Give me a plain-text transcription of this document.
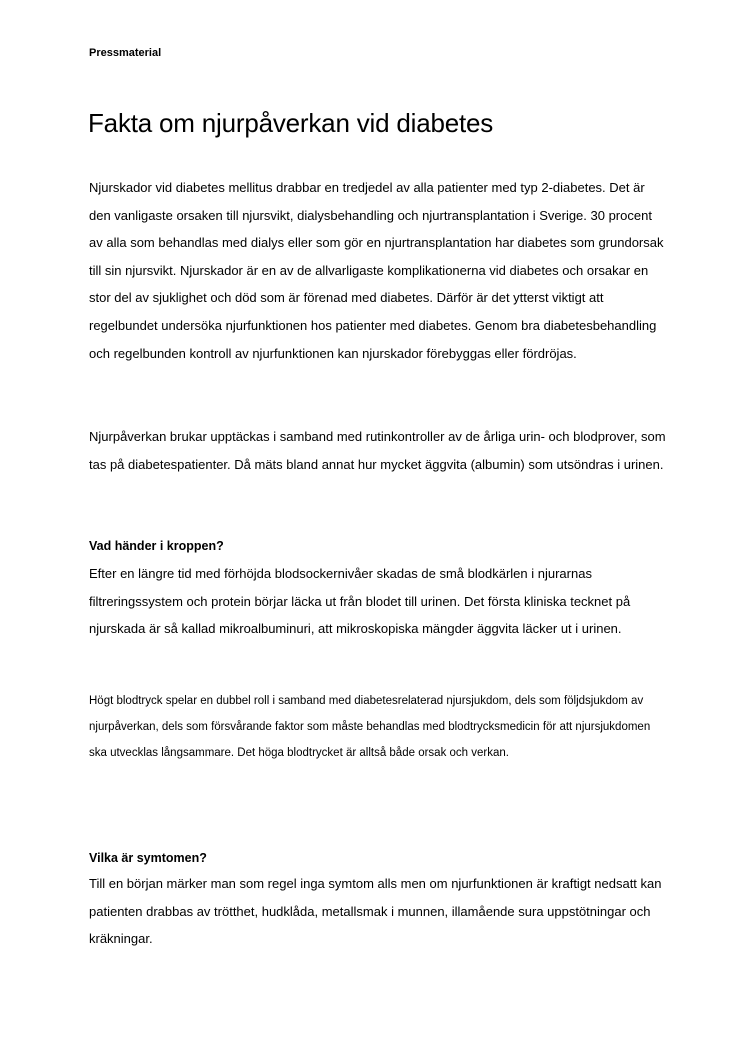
Pressmaterial
Fakta om njurpåverkan vid diabetes

Njurskador vid diabetes mellitus drabbar en tredjedel av alla patienter med typ 2-diabetes. Det är den vanligaste orsaken till njursvikt, dialysbehandling och njurtransplantation i Sverige. 30 procent av alla som behandlas med dialys eller som gör en njurtransplantation har diabetes som grundorsak till sin njursvikt. Njurskador är en av de allvarligaste komplikationerna vid diabetes och orsakar en stor del av sjuklighet och död som är förenad med diabetes. Därför är det ytterst viktigt att regelbundet undersöka njurfunktionen hos patienter med diabetes. Genom bra diabetesbehandling och regelbunden kontroll av njurfunktionen kan njurskador förebyggas eller fördröjas.

Njurpåverkan brukar upptäckas i samband med rutinkontroller av de årliga urin- och blodprover, som tas på diabetespatienter. Då mäts bland annat hur mycket äggvita (albumin) som utsöndras i urinen.

Vad händer i kroppen?

Efter en längre tid med förhöjda blodsockernivåer skadas de små blodkärlen i njurarnas filtreringssystem och protein börjar läcka ut från blodet till urinen. Det första kliniska tecknet på njurskada är så kallad mikroalbuminuri, att mikroskopiska mängder äggvita läcker ut i urinen.

Högt blodtryck spelar en dubbel roll i samband med diabetesrelaterad njursjukdom, dels som följdsjukdom av njurpåverkan, dels som försvårande faktor som måste behandlas med blodtrycksmedicin för att njursjukdomen ska utvecklas långsammare. Det höga blodtrycket är alltså både orsak och verkan.

Vilka är symtomen?

Till en början märker man som regel inga symtom alls men om njurfunktionen är kraftigt nedsatt kan patienten drabbas av trötthet, hudklåda, metallsmak i munnen, illamående sura uppstötningar och kräkningar.
